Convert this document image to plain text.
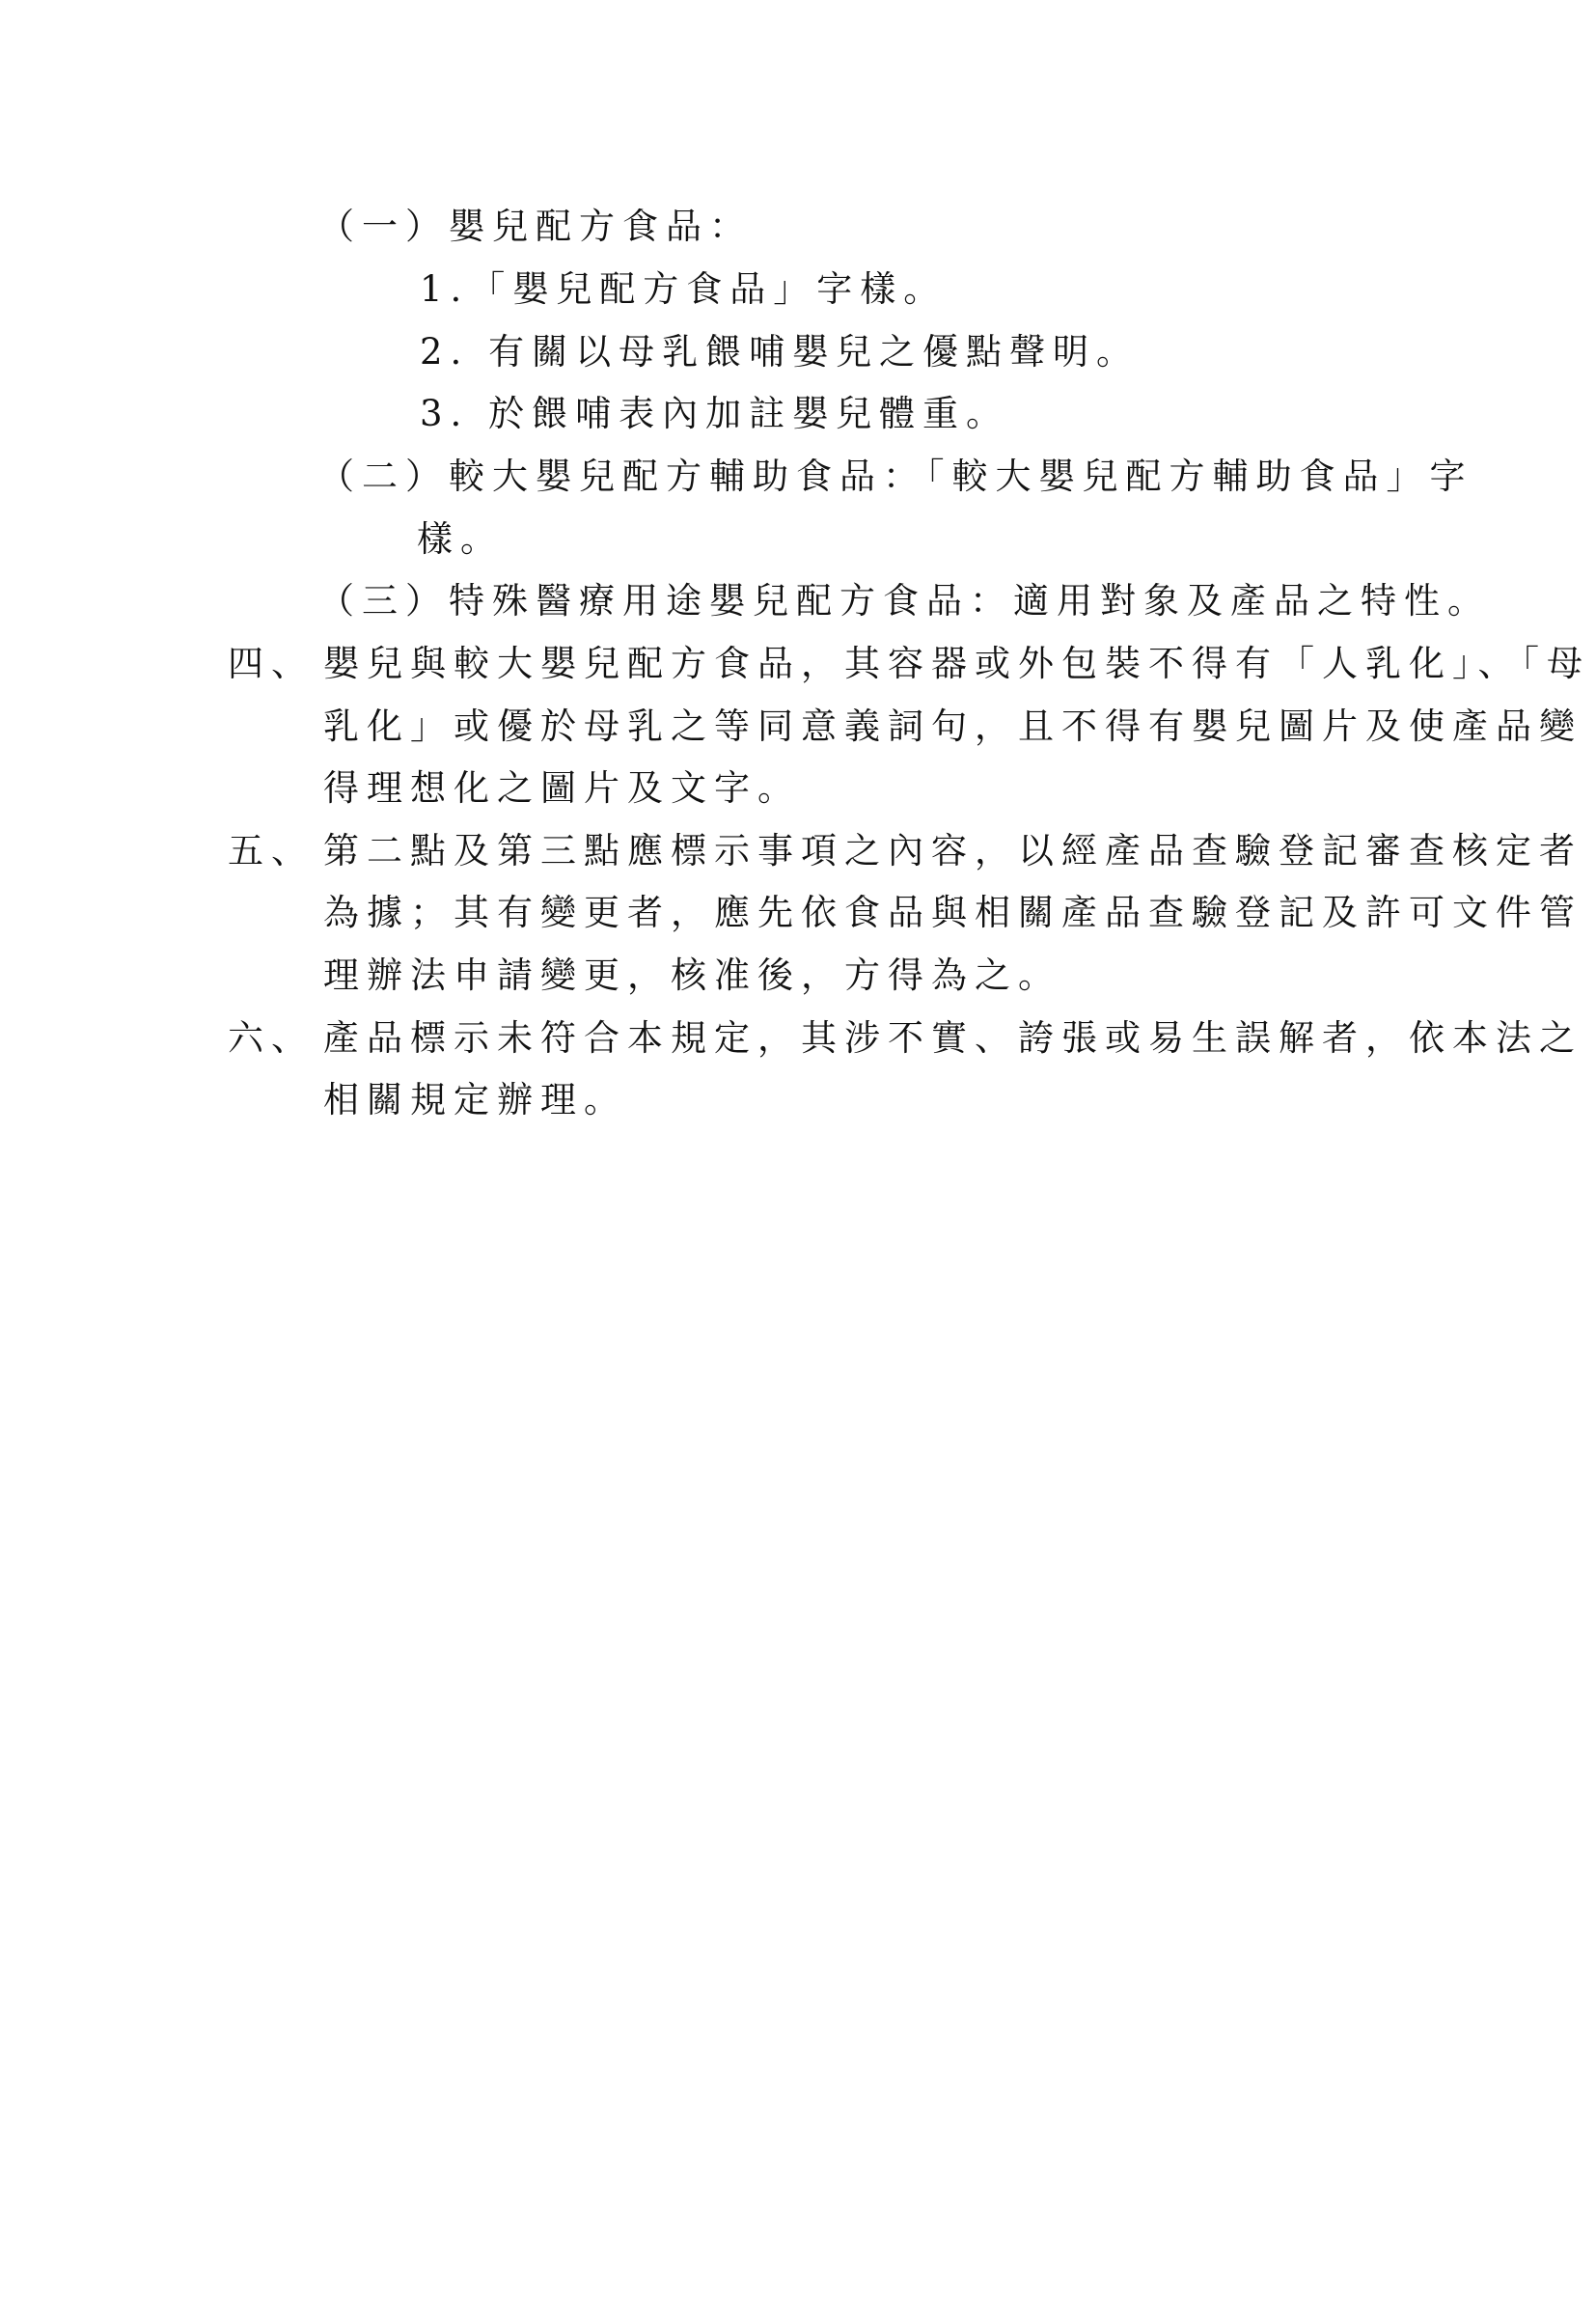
（一）嬰兒配方食品：
1.「嬰兒配方食品」字樣。
2. 有關以母乳餵哺嬰兒之優點聲明。
3. 於餵哺表內加註嬰兒體重。
（二）較大嬰兒配方輔助食品：「較大嬰兒配方輔助食品」字
樣。
（三）特殊醫療用途嬰兒配方食品：適用對象及產品之特性。
四、 嬰兒與較大嬰兒配方食品，其容器或外包裝不得有「人乳化」、「母
乳化」或優於母乳之等同意義詞句，且不得有嬰兒圖片及使產品變
得理想化之圖片及文字。
五、 第二點及第三點應標示事項之內容，以經產品查驗登記審查核定者
為據；其有變更者，應先依食品與相關產品查驗登記及許可文件管
理辦法申請變更，核准後，方得為之。
六、 產品標示未符合本規定，其涉不實、誇張或易生誤解者，依本法之
相關規定辦理。
